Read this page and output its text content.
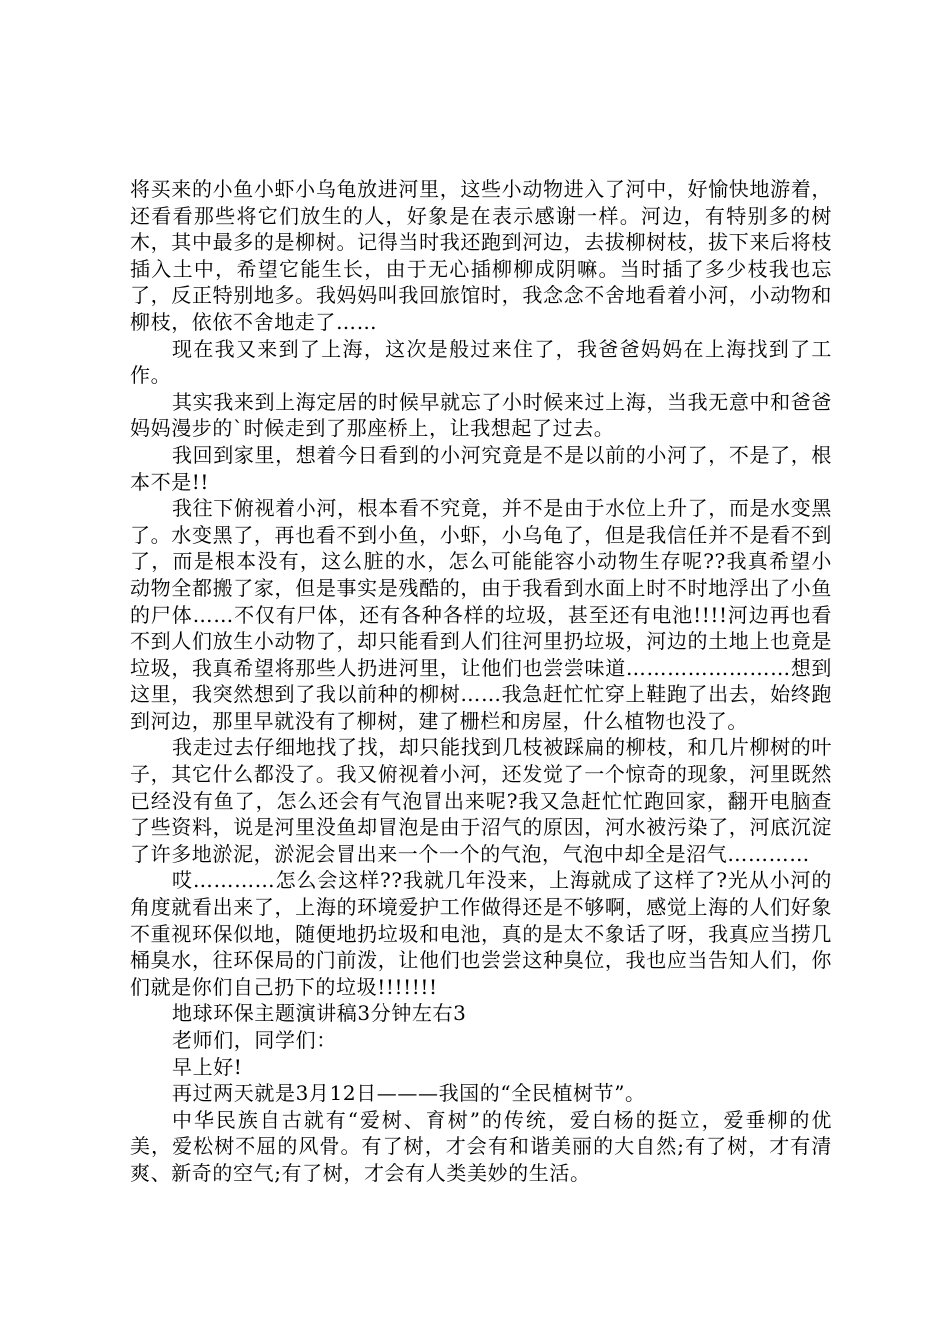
将买来的小鱼小虾小乌龟放进河里，这些小动物进入了河中，好愉快地游着，还看看那些将它们放生的人，好象是在表示感谢一样。河边，有特别多的树木，其中最多的是柳树。记得当时我还跑到河边，去拔柳树枝，拔下来后将枝插入土中，希望它能生长，由于无心插柳柳成阴嘛。当时插了多少枝我也忘了，反正特别地多。我妈妈叫我回旅馆时，我念念不舍地看着小河，小动物和柳枝，依依不舍地走了……

现在我又来到了上海，这次是般过来住了，我爸爸妈妈在上海找到了工作。

其实我来到上海定居的时候早就忘了小时候来过上海，当我无意中和爸爸妈妈漫步的`时候走到了那座桥上，让我想起了过去。

我回到家里，想着今日看到的小河究竟是不是以前的小河了，不是了，根本不是!!

我往下俯视着小河，根本看不究竟，并不是由于水位上升了，而是水变黑了。水变黑了，再也看不到小鱼，小虾，小乌龟了，但是我信任并不是看不到了，而是根本没有，这么脏的水，怎么可能能容小动物生存呢??我真希望小动物全都搬了家，但是事实是残酷的，由于我看到水面上时不时地浮出了小鱼的尸体……不仅有尸体，还有各种各样的垃圾，甚至还有电池!!!!河边再也看不到人们放生小动物了，却只能看到人们往河里扔垃圾，河边的土地上也竟是垃圾，我真希望将那些人扔进河里，让他们也尝尝味道……………………想到这里，我突然想到了我以前种的柳树……我急赶忙忙穿上鞋跑了出去，始终跑到河边，那里早就没有了柳树，建了栅栏和房屋，什么植物也没了。

我走过去仔细地找了找，却只能找到几枝被踩扁的柳枝，和几片柳树的叶子，其它什么都没了。我又俯视着小河，还发觉了一个惊奇的现象，河里既然已经没有鱼了，怎么还会有气泡冒出来呢?我又急赶忙忙跑回家，翻开电脑查了些资料，说是河里没鱼却冒泡是由于沼气的原因，河水被污染了，河底沉淀了许多地淤泥，淤泥会冒出来一个一个的气泡，气泡中却全是沼气…………

哎…………怎么会这样??我就几年没来，上海就成了这样了?光从小河的角度就看出来了，上海的环境爱护工作做得还是不够啊，感觉上海的人们好象不重视环保似地，随便地扔垃圾和电池，真的是太不象话了呀，我真应当捞几桶臭水，往环保局的门前泼，让他们也尝尝这种臭位，我也应当告知人们，你们就是你们自己扔下的垃圾!!!!!!!

地球环保主题演讲稿3分钟左右3

老师们，同学们：

早上好!

再过两天就是3月12日———我国的“全民植树节”。

中华民族自古就有“爱树、育树”的传统，爱白杨的挺立，爱垂柳的优美，爱松树不屈的风骨。有了树，才会有和谐美丽的大自然;有了树，才有清爽、新奇的空气;有了树，才会有人类美妙的生活。
